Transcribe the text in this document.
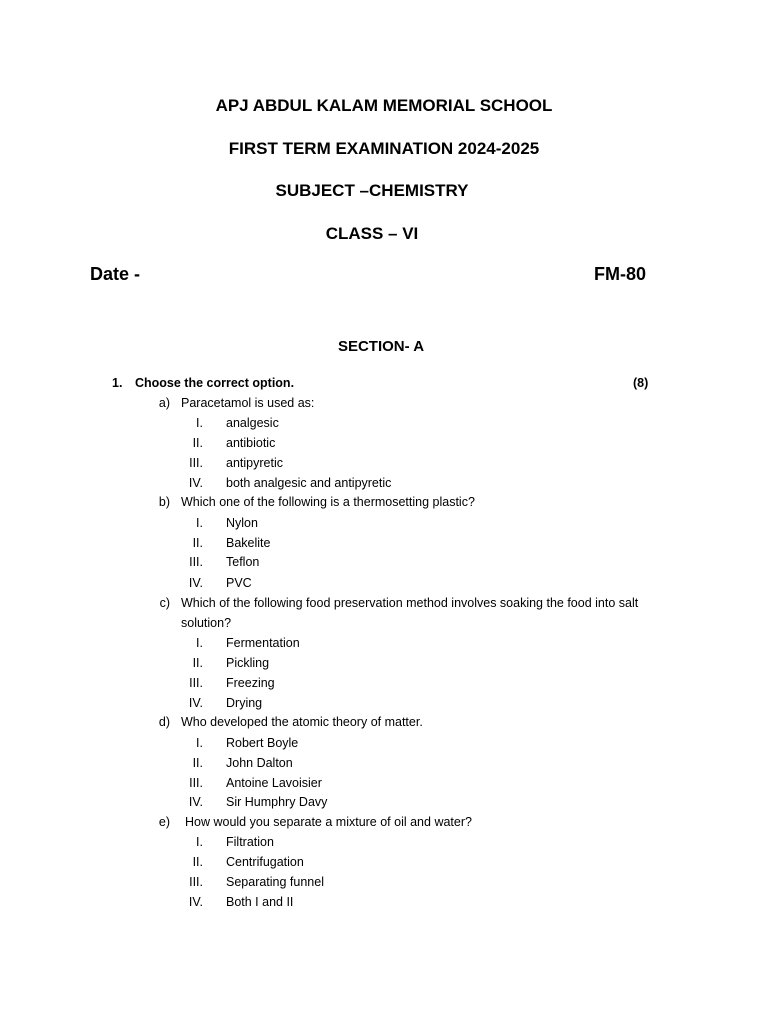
APJ ABDUL KALAM MEMORIAL SCHOOL
FIRST TERM EXAMINATION 2024-2025
SUBJECT –CHEMISTRY
CLASS – VI
Date -	FM-80
SECTION- A
1. Choose the correct option.	(8)
a) Paracetamol is used as:
I. analgesic
II. antibiotic
III. antipyretic
IV. both analgesic and antipyretic
b) Which one of the following is a thermosetting plastic?
I. Nylon
II. Bakelite
III. Teflon
IV. PVC
c) Which of the following food preservation method involves soaking the food into salt solution?
I. Fermentation
II. Pickling
III. Freezing
IV. Drying
d) Who developed the atomic theory of matter.
I. Robert Boyle
II. John Dalton
III. Antoine Lavoisier
IV. Sir Humphry Davy
e) How would you separate a mixture of oil and water?
I. Filtration
II. Centrifugation
III. Separating funnel
IV. Both I and II
